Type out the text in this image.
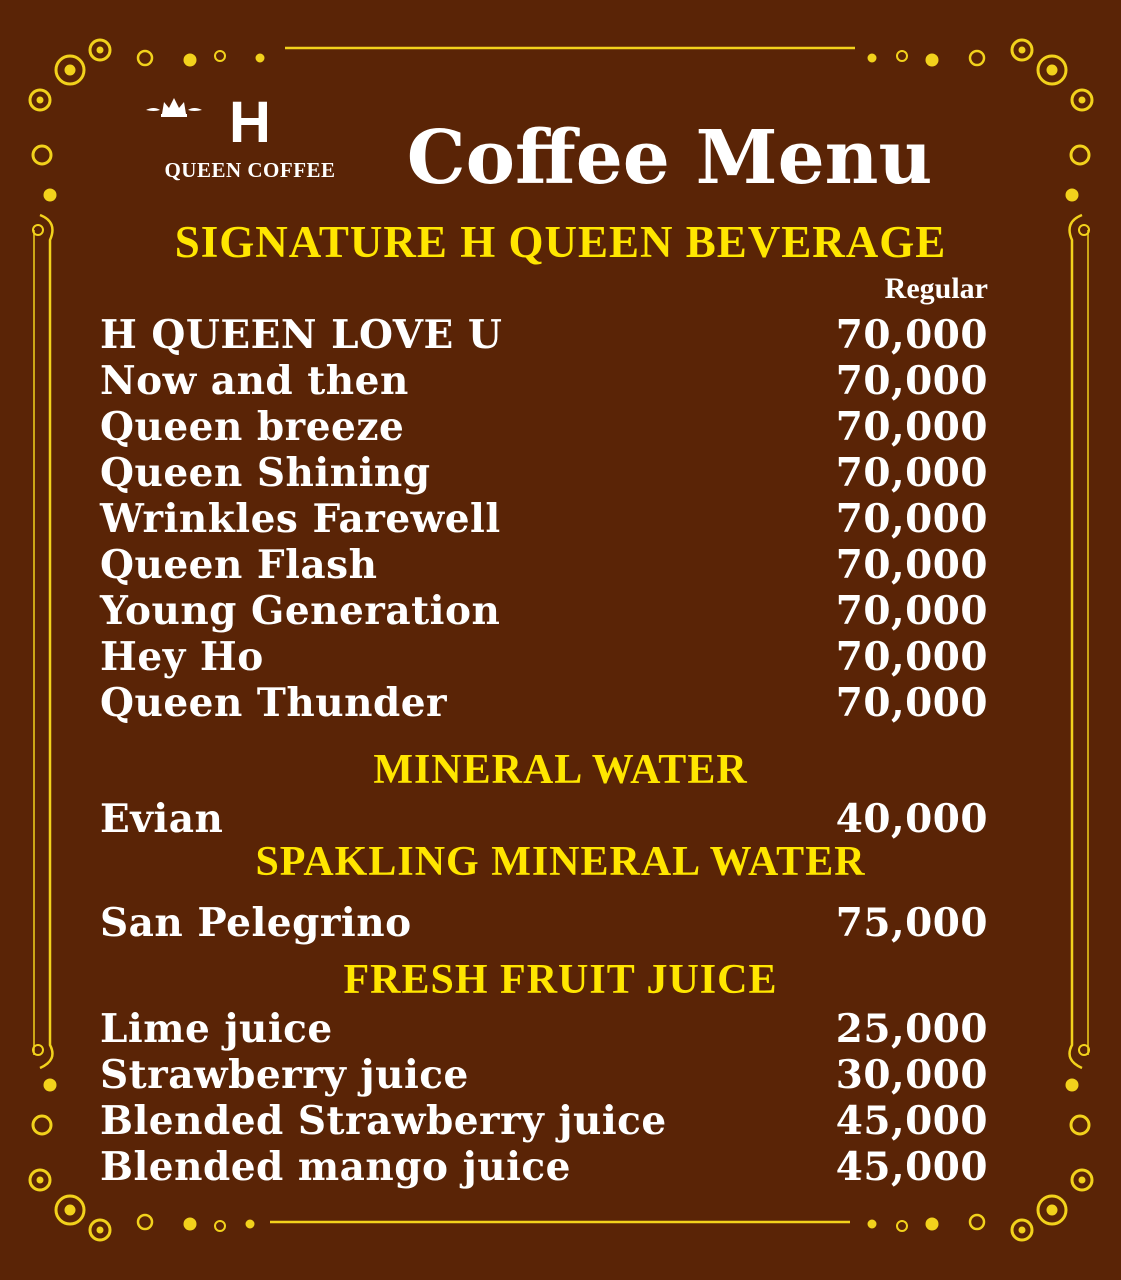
H
QUEEN COFFEE Coffee Menu
SIGNATURE H QUEEN BEVERAGE
Regular
H QUEEN LOVE U	70,000
Now and then	70,000
Queen breeze	70,000
Queen Shining	70,000
Wrinkles Farewell	70,000
Queen Flash	70,000
Young Generation	70,000
Hey Ho	70,000
Queen Thunder	70,000
MINERAL WATER
Evian	40,000
SPAKLING MINERAL WATER
San Pelegrino	75,000
FRESH FRUIT JUICE
Lime juice	25,000
Strawberry juice	30,000
Blended Strawberry juice	45,000
Blended mango juice	45,000
